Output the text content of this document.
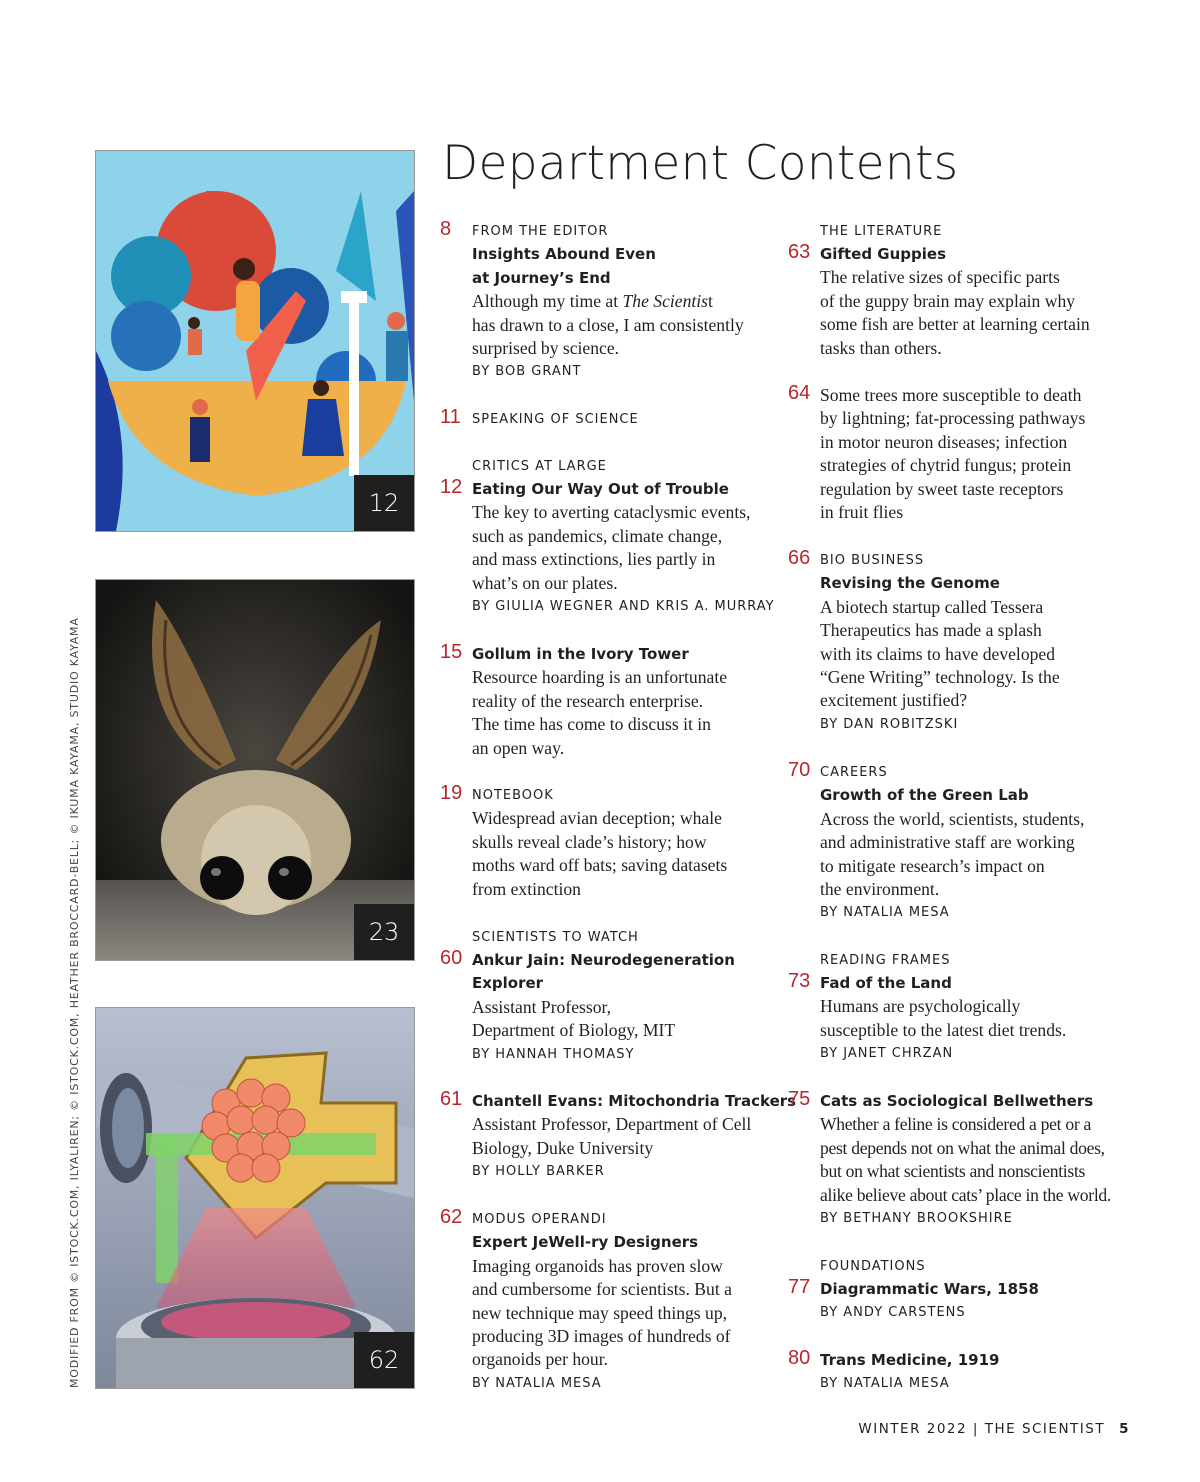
Department Contents
12
23
62
8 FROM THE EDITOR
Insights Abound Even
at Journey’s End
Although my time at The Scientist
has drawn to a close, I am consistently
surprised by science.
BY BOB GRANT
11 SPEAKING OF SCIENCE
12
CRITICS AT LARGE
Eating Our Way Out of Trouble
The key to averting cataclysmic events,
such as pandemics, climate change,
and mass extinctions, lies partly in
what’s on our plates.
BY GIULIA WEGNER AND KRIS A. MURRAY
15 Gollum in the Ivory Tower
Resource hoarding is an unfortunate
reality of the research enterprise.
The time has come to discuss it in
an open way.
19 NOTEBOOK
Widespread avian deception; whale
skulls reveal clade’s history; how
moths ward off bats; saving datasets
from extinction
60
SCIENTISTS TO WATCH
Ankur Jain: Neurodegeneration
Explorer
Assistant Professor,
Department of Biology, MIT
BY HANNAH THOMASY
61 Chantell Evans: Mitochondria Trackers
Assistant Professor, Department of Cell
Biology, Duke University
BY HOLLY BARKER
62 MODUS OPERANDI
Expert JeWell-ry Designers
Imaging organoids has proven slow
and cumbersome for scientists. But a
new technique may speed things up,
producing 3D images of hundreds of
organoids per hour.
BY NATALIA MESA
63
THE LITERATURE
Gifted Guppies
The relative sizes of specific parts
of the guppy brain may explain why
some fish are better at learning certain
tasks than others.
64 Some trees more susceptible to death
by lightning; fat-processing pathways
in motor neuron diseases; infection
strategies of chytrid fungus; protein
regulation by sweet taste receptors
in fruit flies
66 BIO BUSINESS
Revising the Genome
A biotech startup called Tessera
Therapeutics has made a splash
with its claims to have developed
“Gene Writing” technology. Is the
excitement justified?
BY DAN ROBITZSKI
70 CAREERS
Growth of the Green Lab
Across the world, scientists, students,
and administrative staff are working
to mitigate research’s impact on
the environment.
BY NATALIA MESA
73
READING FRAMES
Fad of the Land
Humans are psychologically
susceptible to the latest diet trends.
BY JANET CHRZAN
75 Cats as Sociological Bellwethers
Whether a feline is considered a pet or a
pest depends not on what the animal does,
but on what scientists and nonscientists
alike believe about cats’ place in the world.
BY BETHANY BROOKSHIRE
77
FOUNDATIONS
Diagrammatic Wars, 1858
BY ANDY CARSTENS
80 Trans Medicine, 1919
BY NATALIA MESA
MODIFIED FROM © ISTOCK.COM, ILYALIREN; © ISTOCK.COM, HEATHER BROCCARD-BELL; © IKUMA KAYAMA, STUDIO KAYAMA
WINTER 2022 | THE SCIENTIST 5
